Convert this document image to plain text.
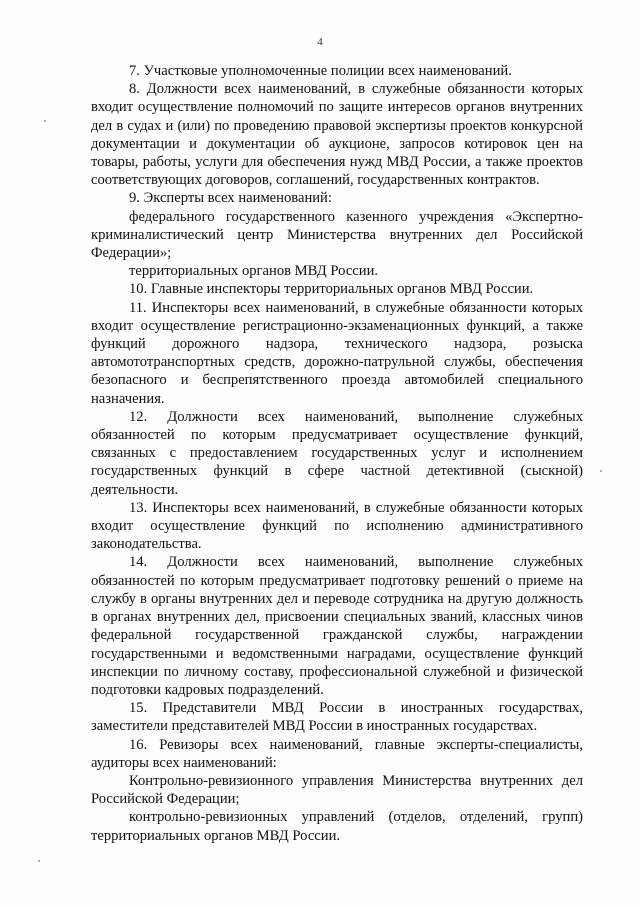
4

7. Участковые уполномоченные полиции всех наименований.

8. Должности всех наименований, в служебные обязанности которых входит осуществление полномочий по защите интересов органов внутренних дел в судах и (или) по проведению правовой экспертизы проектов конкурсной документации и документации об аукционе, запросов котировок цен на товары, работы, услуги для обеспечения нужд МВД России, а также проектов соответствующих договоров, соглашений, государственных контрактов.

9. Эксперты всех наименований:

федерального государственного казенного учреждения «Экспертно-криминалистический центр Министерства внутренних дел Российской Федерации»;

территориальных органов МВД России.

10. Главные инспекторы территориальных органов МВД России.

11. Инспекторы всех наименований, в служебные обязанности которых входит осуществление регистрационно-экзаменационных функций, а также функций дорожного надзора, технического надзора, розыска автомототранспортных средств, дорожно-патрульной службы, обеспечения безопасного и беспрепятственного проезда автомобилей специального назначения.

12. Должности всех наименований, выполнение служебных обязанностей по которым предусматривает осуществление функций, связанных с предоставлением государственных услуг и исполнением государственных функций в сфере частной детективной (сыскной) деятельности.

13. Инспекторы всех наименований, в служебные обязанности которых входит осуществление функций по исполнению административного законодательства.

14. Должности всех наименований, выполнение служебных обязанностей по которым предусматривает подготовку решений о приеме на службу в органы внутренних дел и переводе сотрудника на другую должность в органах внутренних дел, присвоении специальных званий, классных чинов федеральной государственной гражданской службы, награждении государственными и ведомственными наградами, осуществление функций инспекции по личному составу, профессиональной служебной и физической подготовки кадровых подразделений.

15. Представители МВД России в иностранных государствах, заместители представителей МВД России в иностранных государствах.

16. Ревизоры всех наименований, главные эксперты-специалисты, аудиторы всех наименований:

Контрольно-ревизионного управления Министерства внутренних дел Российской Федерации;

контрольно-ревизионных управлений (отделов, отделений, групп) территориальных органов МВД России.
